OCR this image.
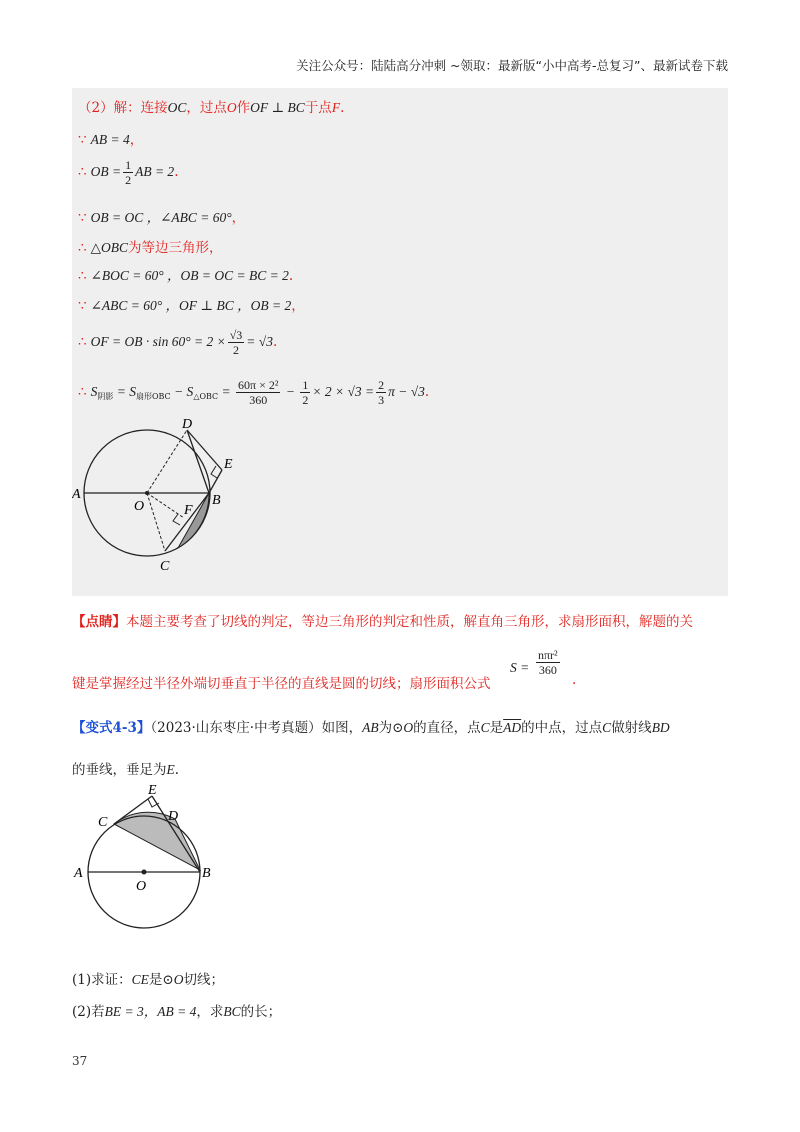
关注公众号：陆陆高分冲刺 ~领取：最新版“小中高考-总复习”、最新试卷下载
（2）解：连接OC，过点O作OF ⊥ BC于点F.
∵ AB = 4，
∴ OB = $\frac{1}{2}$ AB = 2.
∵ OB = OC ，∠ABC = 60°，
∴ △OBC为等边三角形，
∴ ∠BOC = 60° ，OB = OC = BC = 2.
∵ ∠ABC = 60° ，OF ⊥ BC ，OB = 2，
∴ OF = OB · $\sin 60^\circ = 2 \times \frac{√3}{2} = √3$.
∴ $S_{阴影} = S_{扇形OBC} - S_{\triangle OBC} = \frac{\text{60π × 2²}}{360} - \frac{1}{2} \times 2 \times √3 = \frac{2}{3}$ π − √3.
D
E
A
O	F
B
C
【点睛】本题主要考查了切线的判定，等边三角形的判定和性质，解直角三角形，求扇形面积，解题的关
键是掌握经过半径外端切垂直于半径的直线是圆的切线；扇形面积公式
S =
nπr²
360
.
【变式4-3】（2023·山东枣庄·中考真题）如图，AB为⊙O的直径，点C是$\overline{AD}$的中点，过点C做射线BD
的垂线，垂足为E.
E
D
C
A
O
B
(1)求证：CE是⊙O切线；
(2)若BE = 3，AB = 4，求BC的长；
37
